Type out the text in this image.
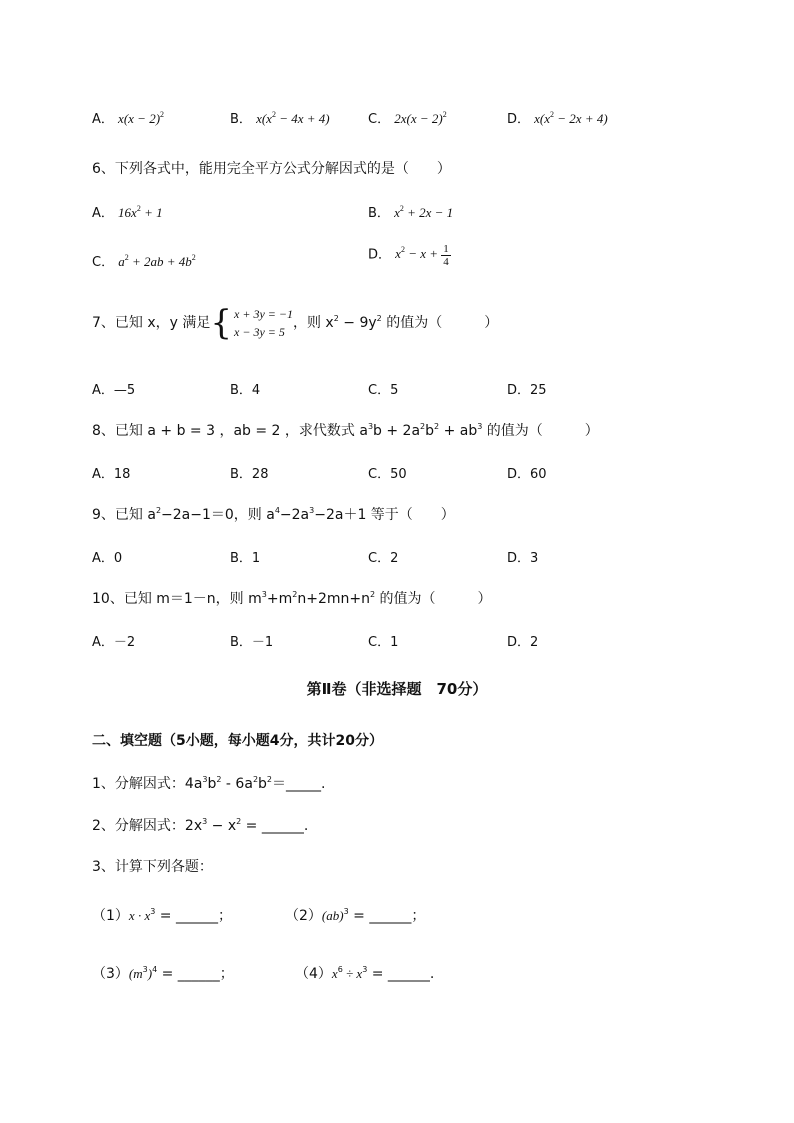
A． $x(x - 2)^2$	B． $x(x^2 - 4x + 4)$	C． $2x(x - 2)^2$	D． $x(x^2 - 2x + 4)$
6、下列各式中，能用完全平方公式分解因式的是（　　）
A． $16x^2 + 1$	B． $x^2 + 2x - 1$
C． $a^2 + 2ab + 4b^2$	D． $x^2 - x + \frac{1}{4}$
7、已知 x，y 满足 { x + 3y = −1
x − 3y = 5
，则 $x^2 - 9y^2$ 的值为（　　　）
A．—5	B．4	C．5	D．25
8、已知 a + b = 3 ，ab = 2 ，求代数式 $a^3b + 2a^2b^2 + ab^3$ 的值为（　　　）
A．18	B．28	C．50	D．60
9、已知 $a^2-2a-1=0$，则 $a^4-2a^3-2a+1$ 等于（　　）
A．0	B．1	C．2	D．3
10、已知 m＝1－n，则 $m^3+m^2n+2mn+n^2$ 的值为（　　　）
A．－2	B．－1	C．1	D．2
第Ⅱ卷（非选择题　70分）
二、填空题（5小题，每小题4分，共计20分）
1、分解因式：$4a^3b^2$ - $6a^2b^2=\_\_\_\_\_$.
2、分解因式：$2x^3 - x^2$ = ______.
3、计算下列各题：
$(1)x \cdot x^3$ = ______；	（2）(ab)$^3$ = ______；
$(3)(m^3)^4$ = ______；	$(4)x^6 \div x^3$ = ______.
